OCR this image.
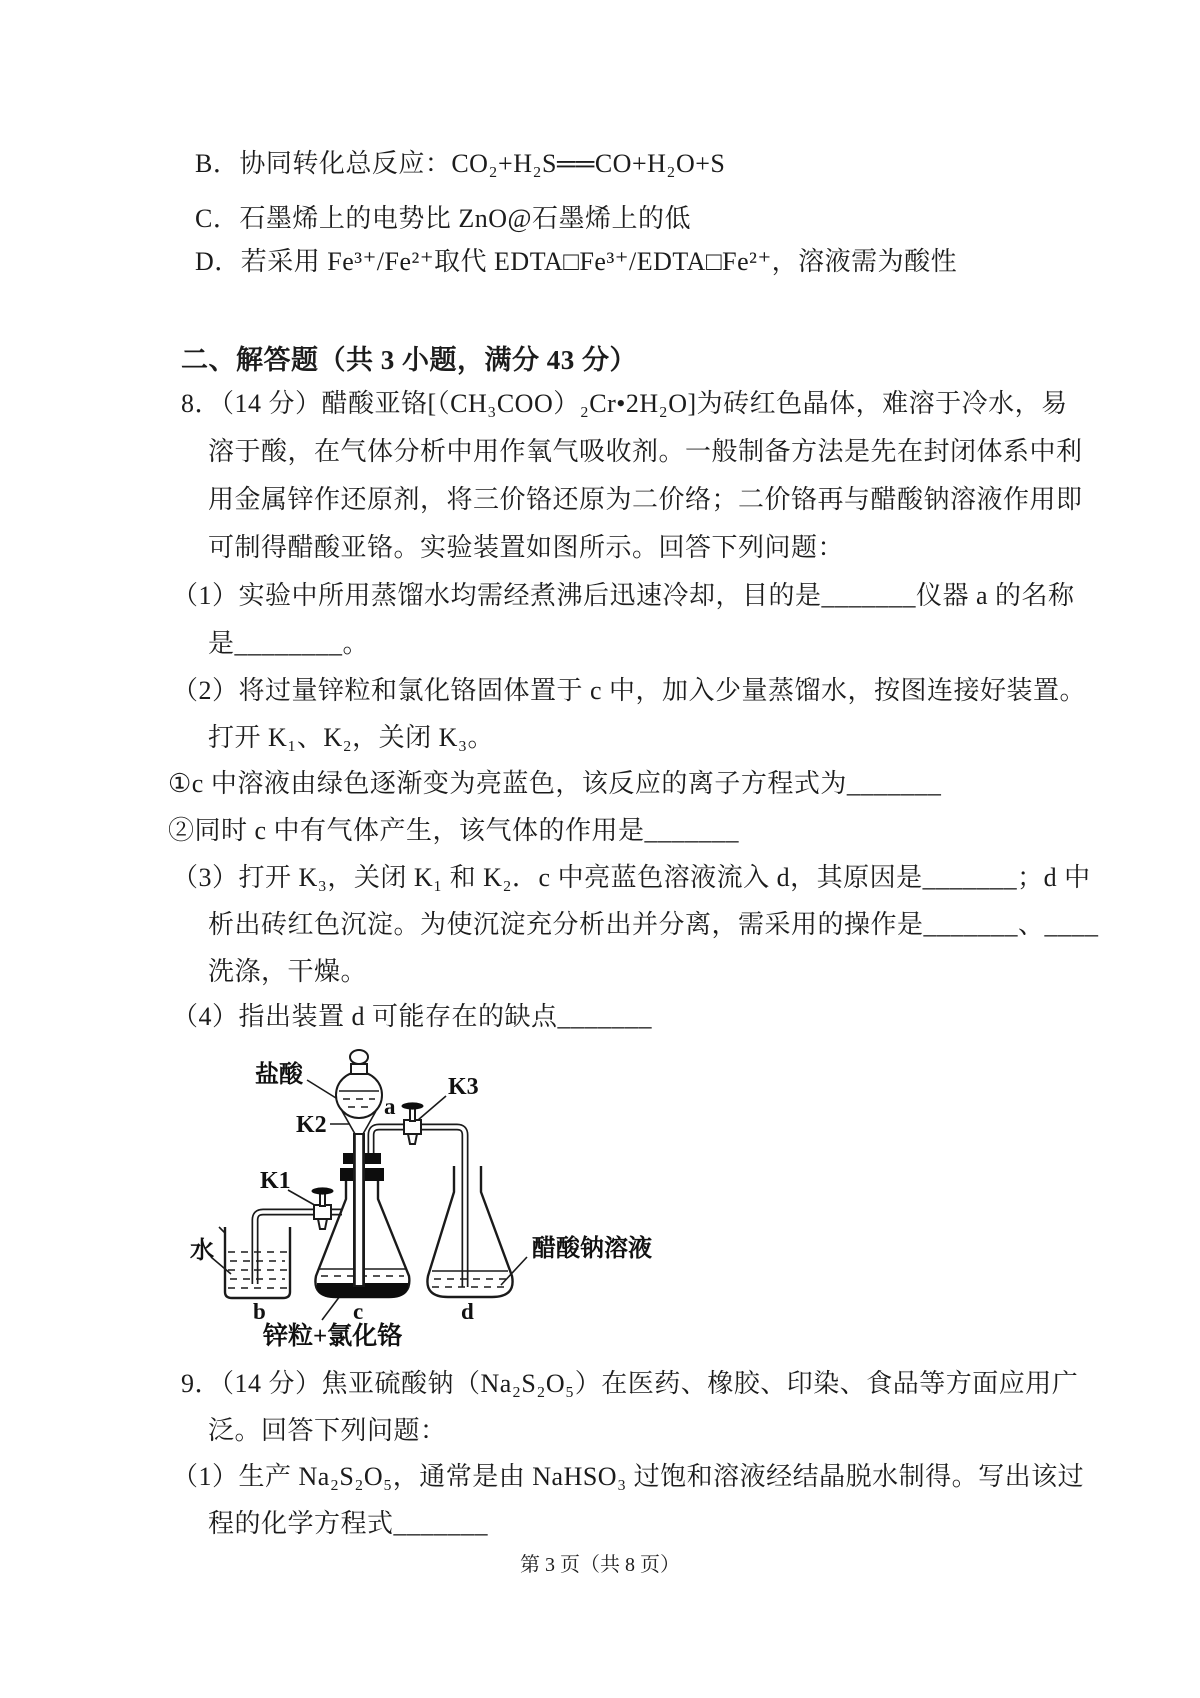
B．协同转化总反应：CO₂+H₂S══CO+H₂O+S
C．石墨烯上的电势比 ZnO@石墨烯上的低
D．若采用 Fe³⁺/Fe²⁺取代 EDTA□Fe³⁺/EDTA□Fe²⁺，溶液需为酸性
二、解答题（共 3 小题，满分 43 分）
8．（14 分）醋酸亚铬[（CH₃COO）₂Cr•2H₂O]为砖红色晶体，难溶于冷水，易
溶于酸，在气体分析中用作氧气吸收剂。一般制备方法是先在封闭体系中利
用金属锌作还原剂，将三价铬还原为二价络；二价铬再与醋酸钠溶液作用即
可制得醋酸亚铬。实验装置如图所示。回答下列问题：
（1）实验中所用蒸馏水均需经煮沸后迅速冷却，目的是_______仪器 a 的名称
是________。
（2）将过量锌粒和氯化铬固体置于 c 中，加入少量蒸馏水，按图连接好装置。
打开 K₁、K₂，关闭 K₃。
①c 中溶液由绿色逐渐变为亮蓝色，该反应的离子方程式为_______
②同时 c 中有气体产生，该气体的作用是_______
（3）打开 K₃，关闭 K₁ 和 K₂．c 中亮蓝色溶液流入 d，其原因是_______；d 中
析出砖红色沉淀。为使沉淀充分析出并分离，需采用的操作是_______、____
洗涤，干燥。
（4）指出装置 d 可能存在的缺点_______
盐酸
a
K2
K3
K1
水	醋酸钠溶液
b	c	d
锌粒+氯化铬
9．（14 分）焦亚硫酸钠（Na₂S₂O₅）在医药、橡胶、印染、食品等方面应用广
泛。回答下列问题：
（1）生产 Na₂S₂O₅，通常是由 NaHSO₃ 过饱和溶液经结晶脱水制得。写出该过
程的化学方程式_______
第 3 页（共 8 页）
